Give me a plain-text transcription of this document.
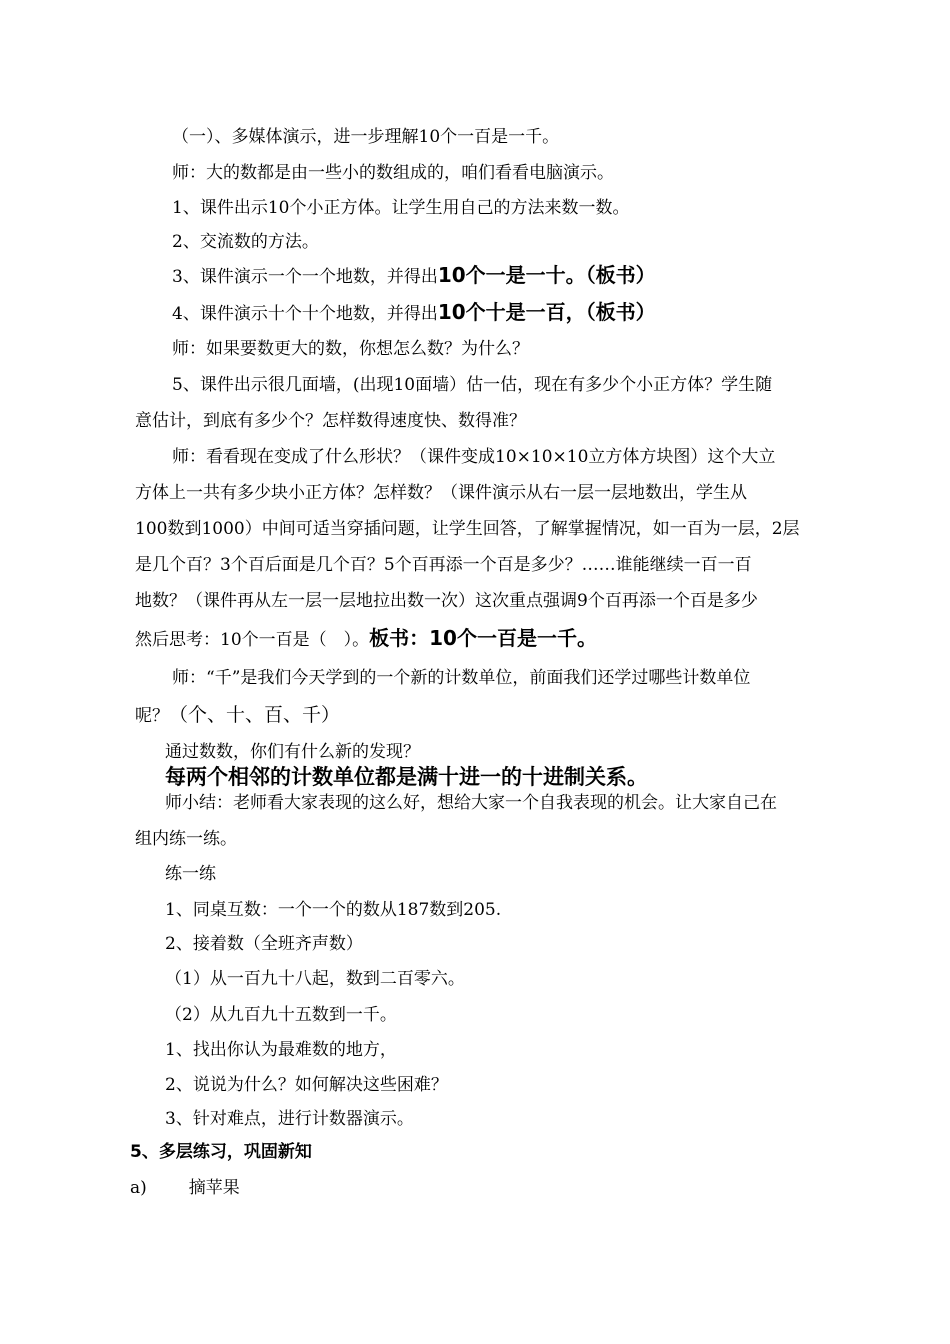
（一）、多媒体演示，进一步理解10个一百是一千。
师：大的数都是由一些小的数组成的，咱们看看电脑演示。
1、课件出示10个小正方体。让学生用自己的方法来数一数。
2、交流数的方法。
3、课件演示一个一个地数，并得出10个一是一十。（板书）
4、课件演示十个十个地数，并得出10个十是一百，（板书）
师：如果要数更大的数，你想怎么数？为什么？
5、课件出示很几面墙，(出现10面墙）估一估，现在有多少个小正方体？学生随
意估计，到底有多少个？怎样数得速度快、数得准？
师：看看现在变成了什么形状？（课件变成10×10×10立方体方块图）这个大立
方体上一共有多少块小正方体？怎样数？（课件演示从右一层一层地数出，学生从
100数到1000）中间可适当穿插问题，让学生回答，了解掌握情况，如一百为一层，2层
是几个百？3个百后面是几个百？5个百再添一个百是多少？……谁能继续一百一百
地数？（课件再从左一层一层地拉出数一次）这次重点强调9个百再添一个百是多少
然后思考：10个一百是（　）。板书：10个一百是一千。
师：“千”是我们今天学到的一个新的计数单位，前面我们还学过哪些计数单位
呢？（个、十、百、千）
通过数数，你们有什么新的发现？
每两个相邻的计数单位都是满十进一的十进制关系。
师小结：老师看大家表现的这么好，想给大家一个自我表现的机会。让大家自己在
组内练一练。
练一练
1、同桌互数：一个一个的数从187数到205.
2、接着数（全班齐声数）
（1）从一百九十八起，数到二百零六。
（2）从九百九十五数到一千。
1、找出你认为最难数的地方，
2、说说为什么？如何解决这些困难？
3、针对难点，进行计数器演示。
5、多层练习，巩固新知
a) 摘苹果
